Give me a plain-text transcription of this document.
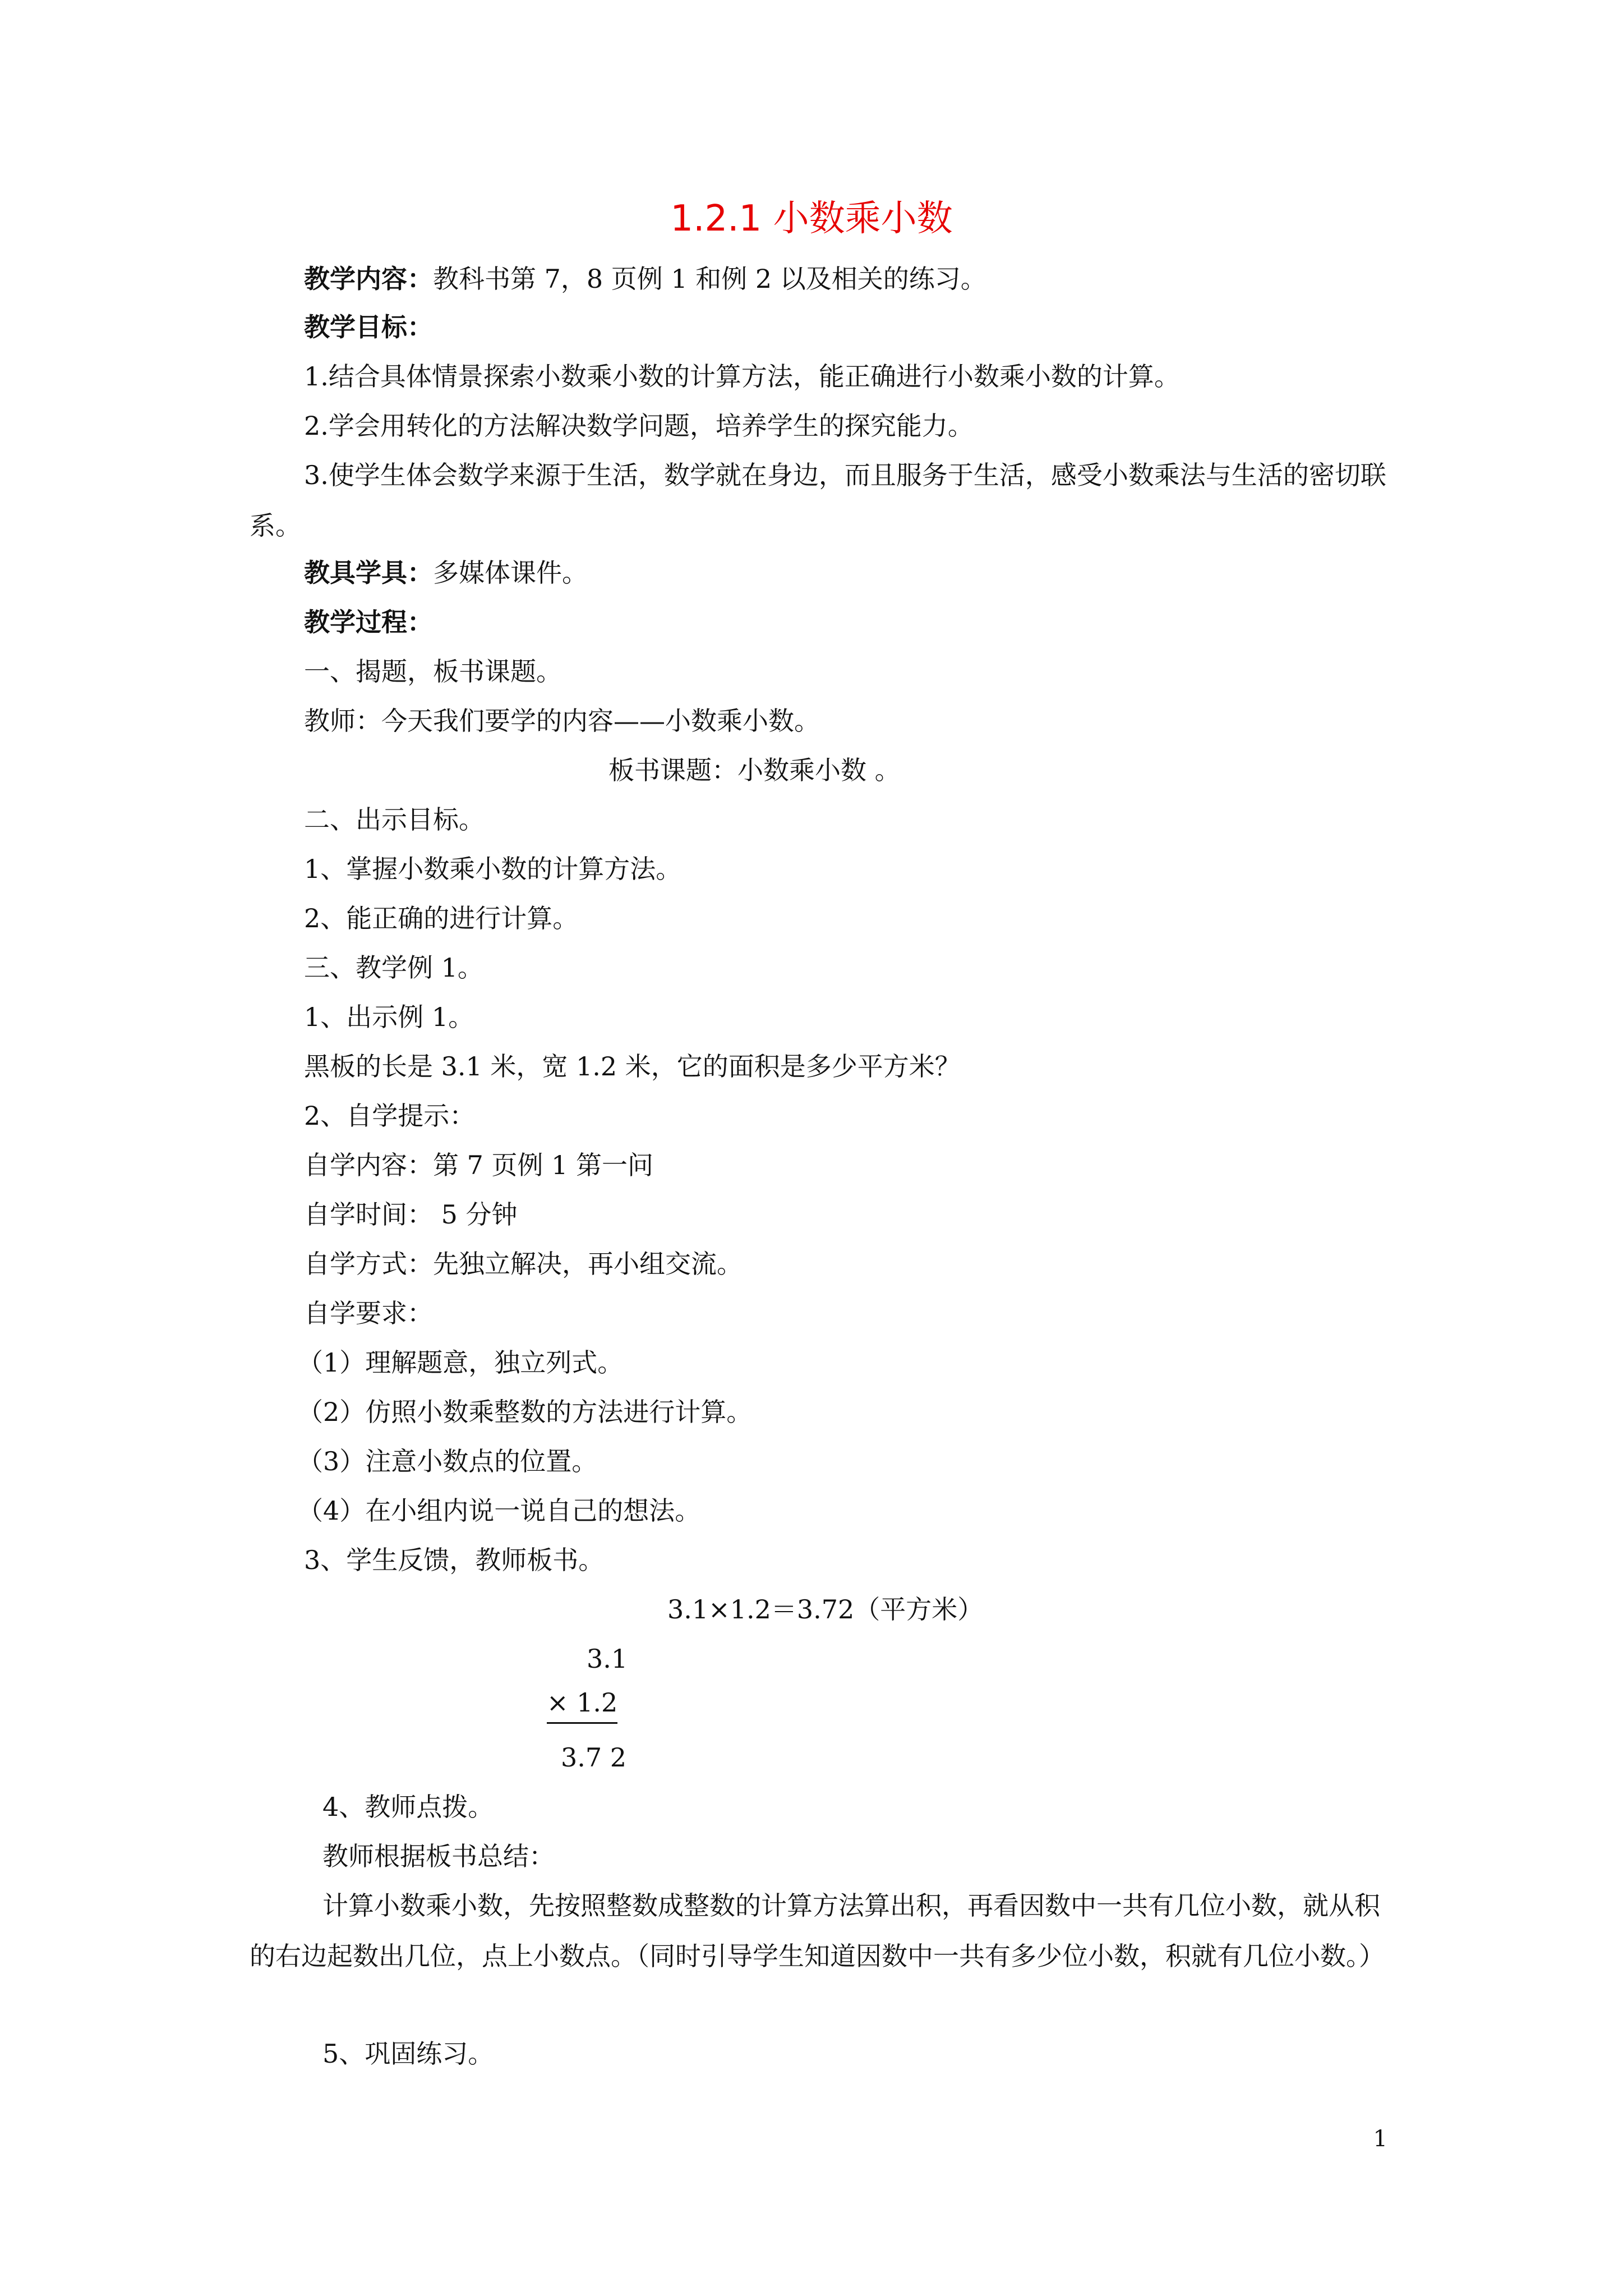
1.2.1 小数乘小数

教学内容：教科书第 7，8 页例 1 和例 2 以及相关的练习。

教学目标：

1.结合具体情景探索小数乘小数的计算方法，能正确进行小数乘小数的计算。

2.学会用转化的方法解决数学问题，培养学生的探究能力。

3.使学生体会数学来源于生活，数学就在身边，而且服务于生活，感受小数乘法与生活的密切联系。

教具学具：多媒体课件。

教学过程：

一、揭题，板书课题。

教师：今天我们要学的内容——小数乘小数。

板书课题：小数乘小数 。

二、出示目标。

1、掌握小数乘小数的计算方法。

2、能正确的进行计算。

三、教学例 1。

1、出示例 1。

黑板的长是 3.1 米，宽 1.2 米，它的面积是多少平方米？

2、自学提示：

自学内容：第 7 页例 1 第一问

自学时间： 5 分钟

自学方式：先独立解决，再小组交流。

自学要求：

（1）理解题意，独立列式。

（2）仿照小数乘整数的方法进行计算。

（3）注意小数点的位置。

（4）在小组内说一说自己的想法。

3、学生反馈，教师板书。

3.1×1.2＝3.72（平方米）

3.1
× 1.2
3.7 2

4、教师点拨。

教师根据板书总结：

计算小数乘小数，先按照整数成整数的计算方法算出积，再看因数中一共有几位小数，就从积的右边起数出几位，点上小数点。（同时引导学生知道因数中一共有多少位小数，积就有几位小数。）

5、巩固练习。

1
